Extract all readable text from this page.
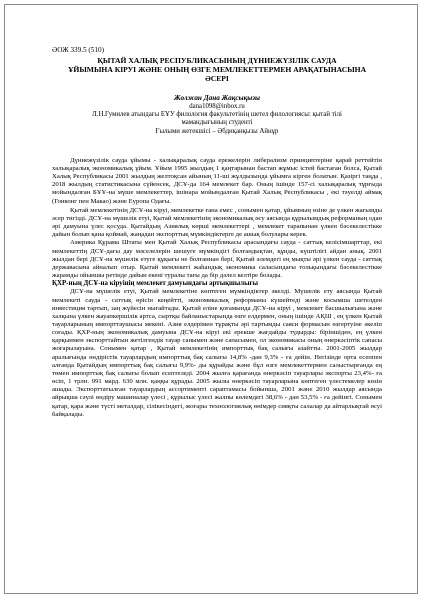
ӘОЖ 339.5 (510)
ҚЫТАЙ ХАЛЫҚ РЕСПУБЛИКАСЫНЫҢ ДҮНИЕЖҮЗІЛІК САУДА
ҰЙЫМЫНА КІРУІ ЖӘНЕ ОНЫҢ ӨЗГЕ МЕМЛЕКЕТТЕРМЕН АРАҚАТЫНАСЫНА
ӘСЕРІ
Жолжан Дана Жақсықызы
dana1098@inbox.ru
Л.Н.Гумилев атындағы ЕҰУ филология факультетінің шетел филологиясы: қытай тілі
мамандығының студенті
Ғылыми жетекшісі – Әбдиқанқызы Айнұр

Дүниежүзілік сауда ұйымы - халықаралық сауда ережелерін либерализм принциптеріне қарай реттейтін халықаралық экономикалық ұйым. Ұйым 1995 жылдың 1 қаңтарынан бастап жұмыс істей бастаған болса, Қытай Халық Республикасы 2001 жылдың желтоқсан айының 11-ші жұлдызында ұйымға кірген болатын. Қазіргі таңда , 2018 жылдың статистикасына сүйенсек, ДСҰ-да 164 мемлекет бар. Оның ішінде 157-сі халықаралық тұрғыда мойындалған БҰҰ-на мүше мемлекеттер, ішінара мойындалған Қытай Халық Республикасы , екі тәуелді аймақ (Гонконг пен Макао) және Еуропа Одағы.

Қытай мемлекетінің ДСҰ-на кіруі, мемлекетке ғана емес , сонымен қатар, ұйымның өзіне де үлкен жағымды әсер тигізді. ДСҰ-на мүшелік етуі, Қытай мемлекетінің экономикалық өсу аясында құрылымдық реформаның одан әрі дамуына үлес қосуда. Қытайдың Азиялық көрші мемлекеттері , мемлекет тарапынан үлкен бәсекелестікке дайын болып қана қоймай, жаңадан экспорттық мүмкіндіктерге де ашық болулары керек.

Америка Құрама Штаты мен Қытай Халық Республикасы арасындағы сауда - саттық келісімшарттар, екі мемлекеттің ДСҰ-дағы дау мәселелерін шешуге мүмкіндігі болғандықтан, құнды, күштілігі айдан анық. 2001 жылдан бері ДСҰ-на мүшелік етуге құқығы не болғаннан бері, Қытай әлемдегі ең мықты әрі үлкен сауда - саттық державасына айналып отыр. Қытай мемлекеті жаһандық экономика саласындағы тольқындағы бәсекелестікке жарамды ойыншы ретінде дайын екені туралы тағы да бір дәлел келтіре болады.

ҚХР-ның ДСҰ-на кіруінің мемлекет дамуындағы артықшылығы

ДСҰ-на мүшелік етуі, Қытай мемлекетіне көптеген мүмкіндіктер әкелді. Мүшелік ету аясында Қытай мемлекеті сауда - саттық өрісін кеңейтті, экономикалық реформаны күшейтеді және косымша шетелден инвестиция тартып, заң жүйесін нығайтады. Қытай еліне қоғамында ДСҰ-на кіруі , мемлекет басшылығына және халқына үлкен жауапкершілік артса, сыртқы байланыстарында өзге елдермен, оның ішінде АҚШ , ең үлкен Қытай тауарларының импорттаушысы мекені. Азия елдерімен тұрақты әрі тартымды саяси формасын өзгертуіне әкеліп соғады. ҚХР-ның экономикалық дамуына ДСҰ-на кіруі екі ерекше жағдайды тудырды: біріншіден, ең үлкен қарқынмен экспорттайтын жетілгендік тауар санымен және сапасымен, ол экономикасы оның өнеркәсіптік сапасы жоғарылауына. Сонымен қатар , Қытай мемлекетінің импорттық бақ салығы азайтты. 2001-2005 жылдар аралығында өндірістік тауарлардың импорттық бақ салығы 14,8% -дан 9,3% - ға дейін. Негізінде орта есеппен алғанда Қытайдың импорттық бақ салығы 9,9%- ды құрайды және бұл өзге мемлекеттермен салыстырғанда ең төмен импорттық бақ салығы болып есептеледі. 2004 жылға қарағанда өнеркәсіп тауарлары экспорты 23,4%- ға өсіп, 1 трлн. 991 мард. 630 млн. қаңқы құрады. 2005 жылы өнеркәсіп тауарларына көптеген үлестемелер көзін ашады. Экспорттатылған тауарлардың ассортименті сараптамасы бойынша, 2001 және 2010 жылдар аясында айрықша сәулі өндіру машиналар үлесі , құрылыс үлесі жалпы көлемдегі 38,6% - дан 53,5% - ға дейінгі. Сонымен қатар, қара және түсті металдар, сілікесіндегі, жоғары технологиялық өнімдер сияқты салалар да айтарлықтай өсуі байқалады.
